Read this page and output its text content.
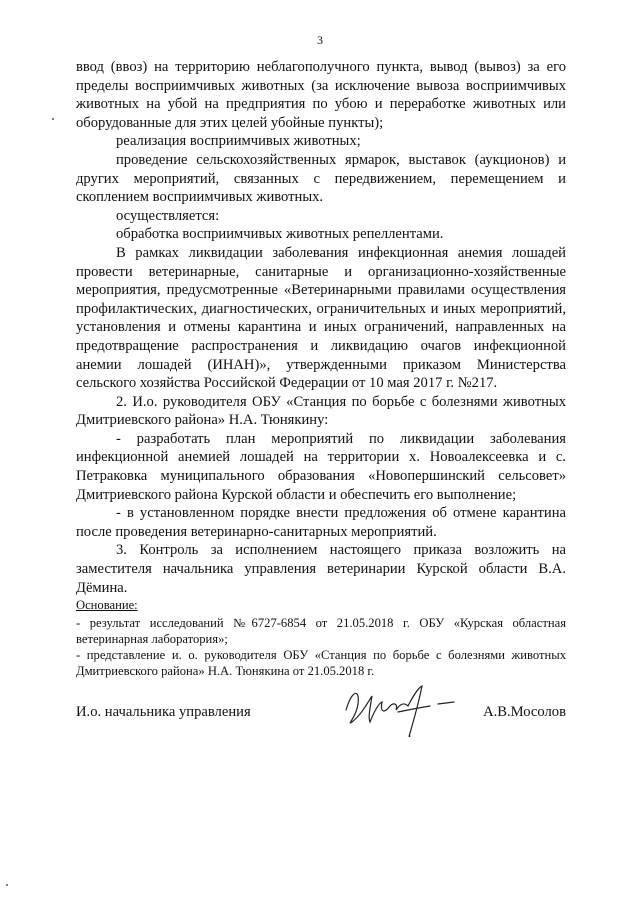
3

ввод (ввоз) на территорию неблагополучного пункта, вывод (вывоз) за его пределы восприимчивых животных (за исключение вывоза восприимчивых животных на убой на предприятия по убою и переработке животных или оборудованные для этих целей убойные пункты);

реализация восприимчивых животных;

проведение сельскохозяйственных ярмарок, выставок (аукционов) и других мероприятий, связанных с передвижением, перемещением и скоплением восприимчивых животных.

осуществляется:

обработка восприимчивых животных репеллентами.

В рамках ликвидации заболевания инфекционная анемия лошадей провести ветеринарные, санитарные и организационно-хозяйственные мероприятия, предусмотренные «Ветеринарными правилами осуществления профилактических, диагностических, ограничительных и иных мероприятий, установления и отмены карантина и иных ограничений, направленных на предотвращение распространения и ликвидацию очагов инфекционной анемии лошадей (ИНАН)», утвержденными приказом Министерства сельского хозяйства Российской Федерации от 10 мая 2017 г. №217.

2. И.о. руководителя ОБУ «Станция по борьбе с болезнями животных Дмитриевского района» Н.А. Тюнякину:

- разработать план мероприятий по ликвидации заболевания инфекционной анемией лошадей на территории х. Новоалексеевка и с. Петраковка муниципального образования «Новопершинский сельсовет» Дмитриевского района Курской области и обеспечить его выполнение;

- в установленном порядке внести предложения об отмене карантина после проведения ветеринарно-санитарных мероприятий.

3. Контроль за исполнением настоящего приказа возложить на заместителя начальника управления ветеринарии Курской области В.А. Дёмина.

Основание:

- результат исследований №6727-6854 от 21.05.2018 г. ОБУ «Курская областная ветеринарная лаборатория»;

- представление и. о. руководителя ОБУ «Станция по борьбе с болезнями животных Дмитриевского района» Н.А. Тюнякина от 21.05.2018 г.

И.о. начальника управления	А.В.Мосолов
